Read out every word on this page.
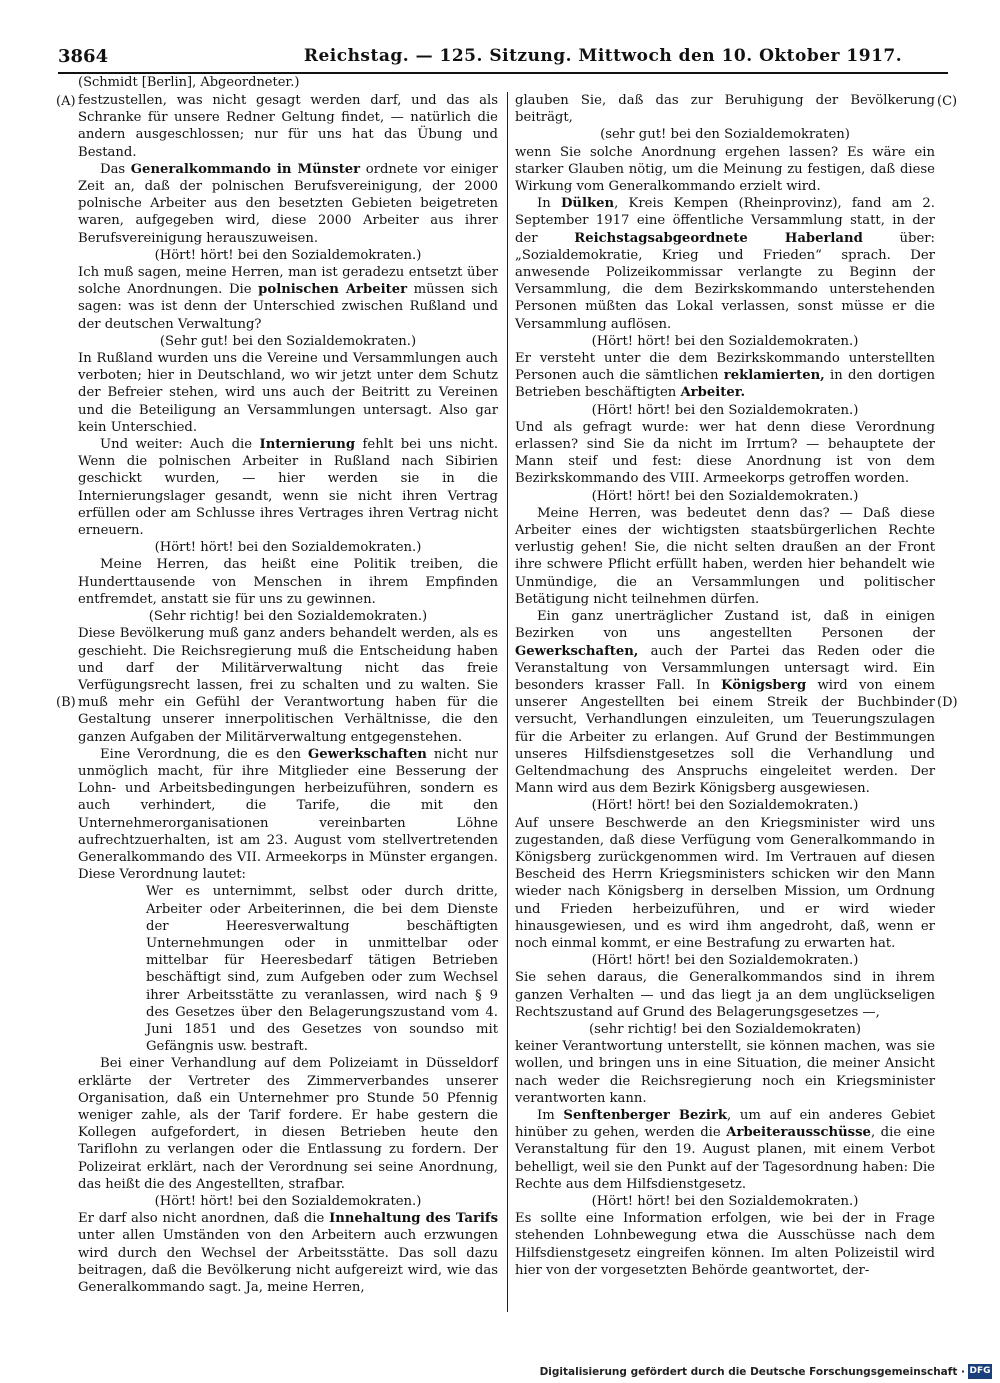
3864	Reichstag. — 125. Sitzung. Mittwoch den 10. Oktober 1917.
(Schmidt [Berlin], Abgeordneter.)
(A)
(B)
(C)
(D)

festzustellen, was nicht gesagt werden darf, und das als Schranke für unsere Redner Geltung findet, — natürlich die andern ausgeschlossen; nur für uns hat das Übung und Bestand.

Das Generalkommando in Münster ordnete vor einiger Zeit an, daß der polnischen Berufsvereinigung, der 2000 polnische Arbeiter aus den besetzten Gebieten beigetreten waren, aufgegeben wird, diese 2000 Arbeiter aus ihrer Berufsvereinigung herauszuweisen.

(Hört! hört! bei den Sozialdemokraten.)

Ich muß sagen, meine Herren, man ist geradezu entsetzt über solche Anordnungen. Die polnischen Arbeiter müssen sich sagen: was ist denn der Unterschied zwischen Rußland und der deutschen Verwaltung?

(Sehr gut! bei den Sozialdemokraten.)

In Rußland wurden uns die Vereine und Versammlungen auch verboten; hier in Deutschland, wo wir jetzt unter dem Schutz der Befreier stehen, wird uns auch der Beitritt zu Vereinen und die Beteiligung an Versammlungen untersagt. Also gar kein Unterschied.

Und weiter: Auch die Internierung fehlt bei uns nicht. Wenn die polnischen Arbeiter in Rußland nach Sibirien geschickt wurden, — hier werden sie in die Internierungslager gesandt, wenn sie nicht ihren Vertrag erfüllen oder am Schlusse ihres Vertrages ihren Vertrag nicht erneuern.

(Hört! hört! bei den Sozialdemokraten.)

Meine Herren, das heißt eine Politik treiben, die Hunderttausende von Menschen in ihrem Empfinden entfremdet, anstatt sie für uns zu gewinnen.

(Sehr richtig! bei den Sozialdemokraten.)

Diese Bevölkerung muß ganz anders behandelt werden, als es geschieht. Die Reichsregierung muß die Entscheidung haben und darf der Militärverwaltung nicht das freie Verfügungsrecht lassen, frei zu schalten und zu walten. Sie muß mehr ein Gefühl der Verantwortung haben für die Gestaltung unserer innerpolitischen Verhältnisse, die den ganzen Aufgaben der Militärverwaltung entgegenstehen.

Eine Verordnung, die es den Gewerkschaften nicht nur unmöglich macht, für ihre Mitglieder eine Besserung der Lohn- und Arbeitsbedingungen herbeizuführen, sondern es auch verhindert, die Tarife, die mit den Unternehmerorganisationen vereinbarten Löhne aufrechtzuerhalten, ist am 23. August vom stellvertretenden Generalkommando des VII. Armeekorps in Münster ergangen. Diese Verordnung lautet:

Wer es unternimmt, selbst oder durch dritte, Arbeiter oder Arbeiterinnen, die bei dem Dienste der Heeresverwaltung beschäftigten Unternehmungen oder in unmittelbar oder mittelbar für Heeresbedarf tätigen Betrieben beschäftigt sind, zum Aufgeben oder zum Wechsel ihrer Arbeitsstätte zu veranlassen, wird nach § 9 des Gesetzes über den Belagerungszustand vom 4. Juni 1851 und des Gesetzes von soundso mit Gefängnis usw. bestraft.

Bei einer Verhandlung auf dem Polizeiamt in Düsseldorf erklärte der Vertreter des Zimmerverbandes unserer Organisation, daß ein Unternehmer pro Stunde 50 Pfennig weniger zahle, als der Tarif fordere. Er habe gestern die Kollegen aufgefordert, in diesen Betrieben heute den Tariflohn zu verlangen oder die Entlassung zu fordern. Der Polizeirat erklärt, nach der Verordnung sei seine Anordnung, das heißt die des Angestellten, strafbar.

(Hört! hört! bei den Sozialdemokraten.)

Er darf also nicht anordnen, daß die Innehaltung des Tarifs unter allen Umständen von den Arbeitern auch erzwungen wird durch den Wechsel der Arbeitsstätte. Das soll dazu beitragen, daß die Bevölkerung nicht aufgereizt wird, wie das Generalkommando sagt. Ja, meine Herren,

glauben Sie, daß das zur Beruhigung der Bevölkerung beiträgt,

(sehr gut! bei den Sozialdemokraten)

wenn Sie solche Anordnung ergehen lassen? Es wäre ein starker Glauben nötig, um die Meinung zu festigen, daß diese Wirkung vom Generalkommando erzielt wird.

In Dülken, Kreis Kempen (Rheinprovinz), fand am 2. September 1917 eine öffentliche Versammlung statt, in der der Reichstagsabgeordnete Haberland über: „Sozialdemokratie, Krieg und Frieden“ sprach. Der anwesende Polizeikommissar verlangte zu Beginn der Versammlung, die dem Bezirkskommando unterstehenden Personen müßten das Lokal verlassen, sonst müsse er die Versammlung auflösen.

(Hört! hört! bei den Sozialdemokraten.)

Er versteht unter die dem Bezirkskommando unterstellten Personen auch die sämtlichen reklamierten, in den dortigen Betrieben beschäftigten Arbeiter.

(Hört! hört! bei den Sozialdemokraten.)

Und als gefragt wurde: wer hat denn diese Verordnung erlassen? sind Sie da nicht im Irrtum? — behauptete der Mann steif und fest: diese Anordnung ist von dem Bezirkskommando des VIII. Armeekorps getroffen worden.

(Hört! hört! bei den Sozialdemokraten.)

Meine Herren, was bedeutet denn das? — Daß diese Arbeiter eines der wichtigsten staatsbürgerlichen Rechte verlustig gehen! Sie, die nicht selten draußen an der Front ihre schwere Pflicht erfüllt haben, werden hier behandelt wie Unmündige, die an Versammlungen und politischer Betätigung nicht teilnehmen dürfen.

Ein ganz unerträglicher Zustand ist, daß in einigen Bezirken von uns angestellten Personen der Gewerkschaften, auch der Partei das Reden oder die Veranstaltung von Versammlungen untersagt wird. Ein besonders krasser Fall. In Königsberg wird von einem unserer Angestellten bei einem Streik der Buchbinder versucht, Verhandlungen einzuleiten, um Teuerungszulagen für die Arbeiter zu erlangen. Auf Grund der Bestimmungen unseres Hilfsdienstgesetzes soll die Verhandlung und Geltendmachung des Anspruchs eingeleitet werden. Der Mann wird aus dem Bezirk Königsberg ausgewiesen.

(Hört! hört! bei den Sozialdemokraten.)

Auf unsere Beschwerde an den Kriegsminister wird uns zugestanden, daß diese Verfügung vom Generalkommando in Königsberg zurückgenommen wird. Im Vertrauen auf diesen Bescheid des Herrn Kriegsministers schicken wir den Mann wieder nach Königsberg in derselben Mission, um Ordnung und Frieden herbeizuführen, und er wird wieder hinausgewiesen, und es wird ihm angedroht, daß, wenn er noch einmal kommt, er eine Bestrafung zu erwarten hat.

(Hört! hört! bei den Sozialdemokraten.)

Sie sehen daraus, die Generalkommandos sind in ihrem ganzen Verhalten — und das liegt ja an dem unglückseligen Rechtszustand auf Grund des Belagerungsgesetzes —,

(sehr richtig! bei den Sozialdemokraten)

keiner Verantwortung unterstellt, sie können machen, was sie wollen, und bringen uns in eine Situation, die meiner Ansicht nach weder die Reichsregierung noch ein Kriegsminister verantworten kann.

Im Senftenberger Bezirk, um auf ein anderes Gebiet hinüber zu gehen, werden die Arbeiterausschüsse, die eine Veranstaltung für den 19. August planen, mit einem Verbot behelligt, weil sie den Punkt auf der Tagesordnung haben: Die Rechte aus dem Hilfsdienstgesetz.

(Hört! hört! bei den Sozialdemokraten.)

Es sollte eine Information erfolgen, wie bei der in Frage stehenden Lohnbewegung etwa die Ausschüsse nach dem Hilfsdienstgesetz eingreifen können. Im alten Polizeistil wird hier von der vorgesetzten Behörde geantwortet, der-

Digitalisierung gefördert durch die Deutsche Forschungsgemeinschaft · DFG
